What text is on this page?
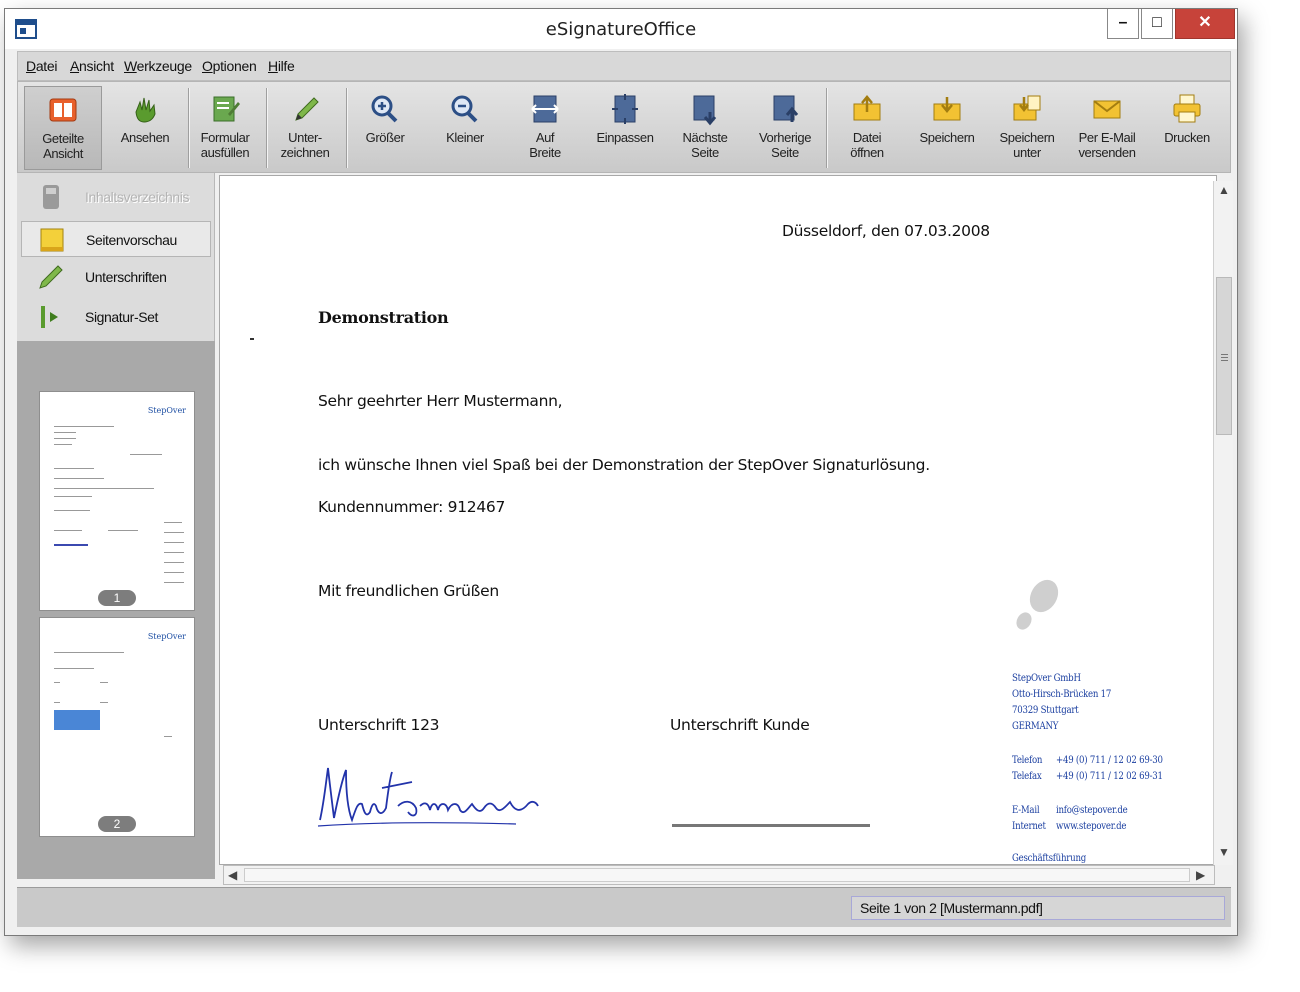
eSignatureOffice	–	□	✕
Datei Ansicht Werkzeuge Optionen Hilfe
Geteilte
Ansicht
Ansehen	Formular
ausfüllen
Unter-
zeichnen
Größer	Kleiner	Auf
Breite
Einpassen	Nächste
Seite
Vorherige
Seite
Datei
öffnen
Speichern	Speichern
unter
Per E-Mail
versenden
Drucken
Inhaltsverzeichnis
Seitenvorschau
Unterschriften
Signatur-Set
StepOver
1
StepOver
2
Düsseldorf, den 07.03.2008
Demonstration
Sehr geehrter Herr Mustermann,
ich wünsche Ihnen viel Spaß bei der Demonstration der StepOver Signaturlösung.
Kundennummer: 912467
Mit freundlichen Grüßen
Unterschrift 123	Unterschrift Kunde
StepOver GmbH
Otto-Hirsch-Brücken 17
70329 Stuttgart
GERMANY
Telefon +49 (0) 711 / 12 02 69-30
Telefax +49 (0) 711 / 12 02 69-31
E-Mail info@stepover.de
Internet www.stepover.de
Geschäftsführung
▲
▼
◀	▶
Seite 1 von 2 [Mustermann.pdf]
